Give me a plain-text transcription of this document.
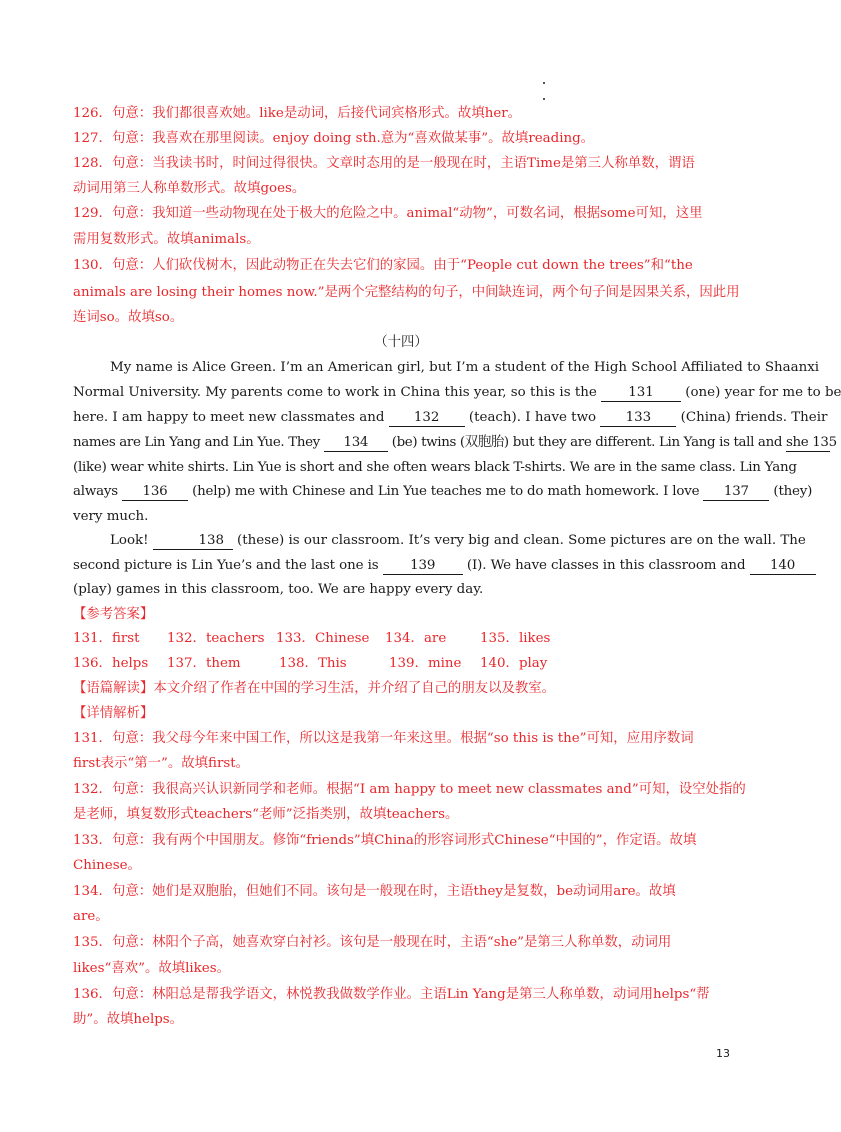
126．句意：我们都很喜欢她。like是动词，后接代词宾格形式。故填her。
127．句意：我喜欢在那里阅读。enjoy doing sth.意为“喜欢做某事”。故填reading。
128．句意：当我读书时，时间过得很快。文章时态用的是一般现在时，主语Time是第三人称单数，谓语
动词用第三人称单数形式。故填goes。
129．句意：我知道一些动物现在处于极大的危险之中。animal“动物”，可数名词，根据some可知，这里
需用复数形式。故填animals。
130．句意：人们砍伐树木，因此动物正在失去它们的家园。由于“People cut down the trees”和“the
animals are losing their homes now.”是两个完整结构的句子，中间缺连词，两个句子间是因果关系，因此用
连词so。故填so。
（十四）
My name is Alice Green. I’m an American girl, but I’m a student of the High School Affiliated to Shaanxi
Normal University. My parents come to work in China this year, so this is the 131 (one) year for me to be
here. I am happy to meet new classmates and 132 (teach). I have two 133 (China) friends. Their
names are Lin Yang and Lin Yue. They 134 (be) twins (双胞胎) but they are different. Lin Yang is tall and she 135
(like) wear white shirts. Lin Yue is short and she often wears black T-shirts. We are in the same class. Lin Yang
always 136 (help) me with Chinese and Lin Yue teaches me to do math homework. I love 137 (they)
very much.
Look!	138 (these) is our classroom. It’s very big and clean. Some pictures are on the wall. The
second picture is Lin Yue’s and the last one is 139 (I). We have classes in this classroom and 140
(play) games in this classroom, too. We are happy every day.
【参考答案】
131．first 132．teachers 133．Chinese 134．are	135．likes
136．helps 137．them	138．This	139．mine 140．play
【语篇解读】本文介绍了作者在中国的学习生活，并介绍了自己的朋友以及教室。
【详情解析】
131．句意：我父母今年来中国工作，所以这是我第一年来这里。根据“so this is the”可知，应用序数词
first表示“第一”。故填first。
132．句意：我很高兴认识新同学和老师。根据“I am happy to meet new classmates and”可知，设空处指的
是老师，填复数形式teachers“老师”泛指类别，故填teachers。
133．句意：我有两个中国朋友。修饰“friends”填China的形容词形式Chinese“中国的”，作定语。故填
Chinese。
134．句意：她们是双胞胎，但她们不同。该句是一般现在时，主语they是复数，be动词用are。故填
are。
135．句意：林阳个子高，她喜欢穿白衬衫。该句是一般现在时，主语“she”是第三人称单数，动词用
likes“喜欢”。故填likes。
136．句意：林阳总是帮我学语文，林悦教我做数学作业。主语Lin Yang是第三人称单数，动词用helps“帮
助”。故填helps。
13
